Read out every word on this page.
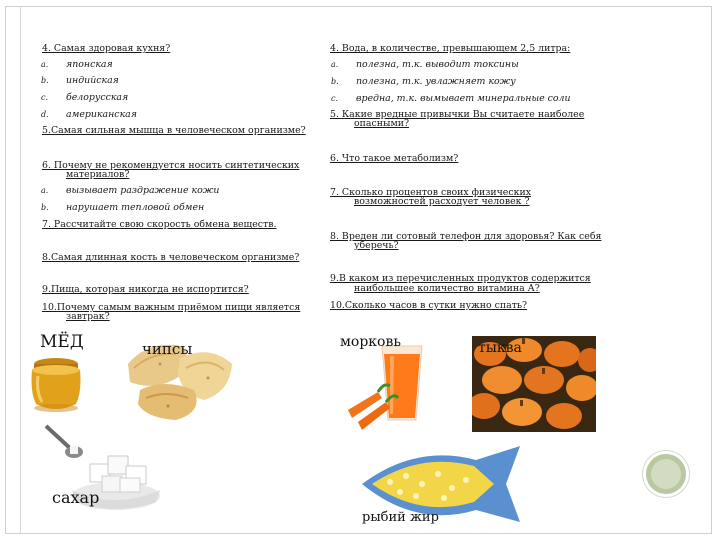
4. Самая здоровая кухня?
a. японская
b. индийская
c. белорусская
d. американская
5.Самая сильная мышца в человеческом организме?
6. Почему не рекомендуется носить синтетических
материалов?
a. вызывает раздражение кожи
b. нарушает тепловой обмен
7. Рассчитайте свою скорость обмена веществ.
8.Самая длинная кость в человеческом организме?
9.Пища, которая никогда не испортится?
10.Почему самым важным приёмом пищи является
завтрак?
4. Вода, в количестве, превышающем 2,5 литра:
a. полезна, т.к. выводит токсины
b. полезна, т.к. увлажняет кожу
c. вредна, т.к. вымывает минеральные соли
5. Какие вредные привычки Вы считаете наиболее
опасными?
6. Что такое метаболизм?
7. Сколько процентов своих физических
возможностей расходует человек ?
8. Вреден ли сотовый телефон для здоровья? Как себя
уберечь?
9.В каком из перечисленных продуктов содержится
наибольшее количество витамина А?
10.Сколько часов в сутки нужно спать?
МЁД	чипсы	морковь	тыква
сахар
рыбий жир
